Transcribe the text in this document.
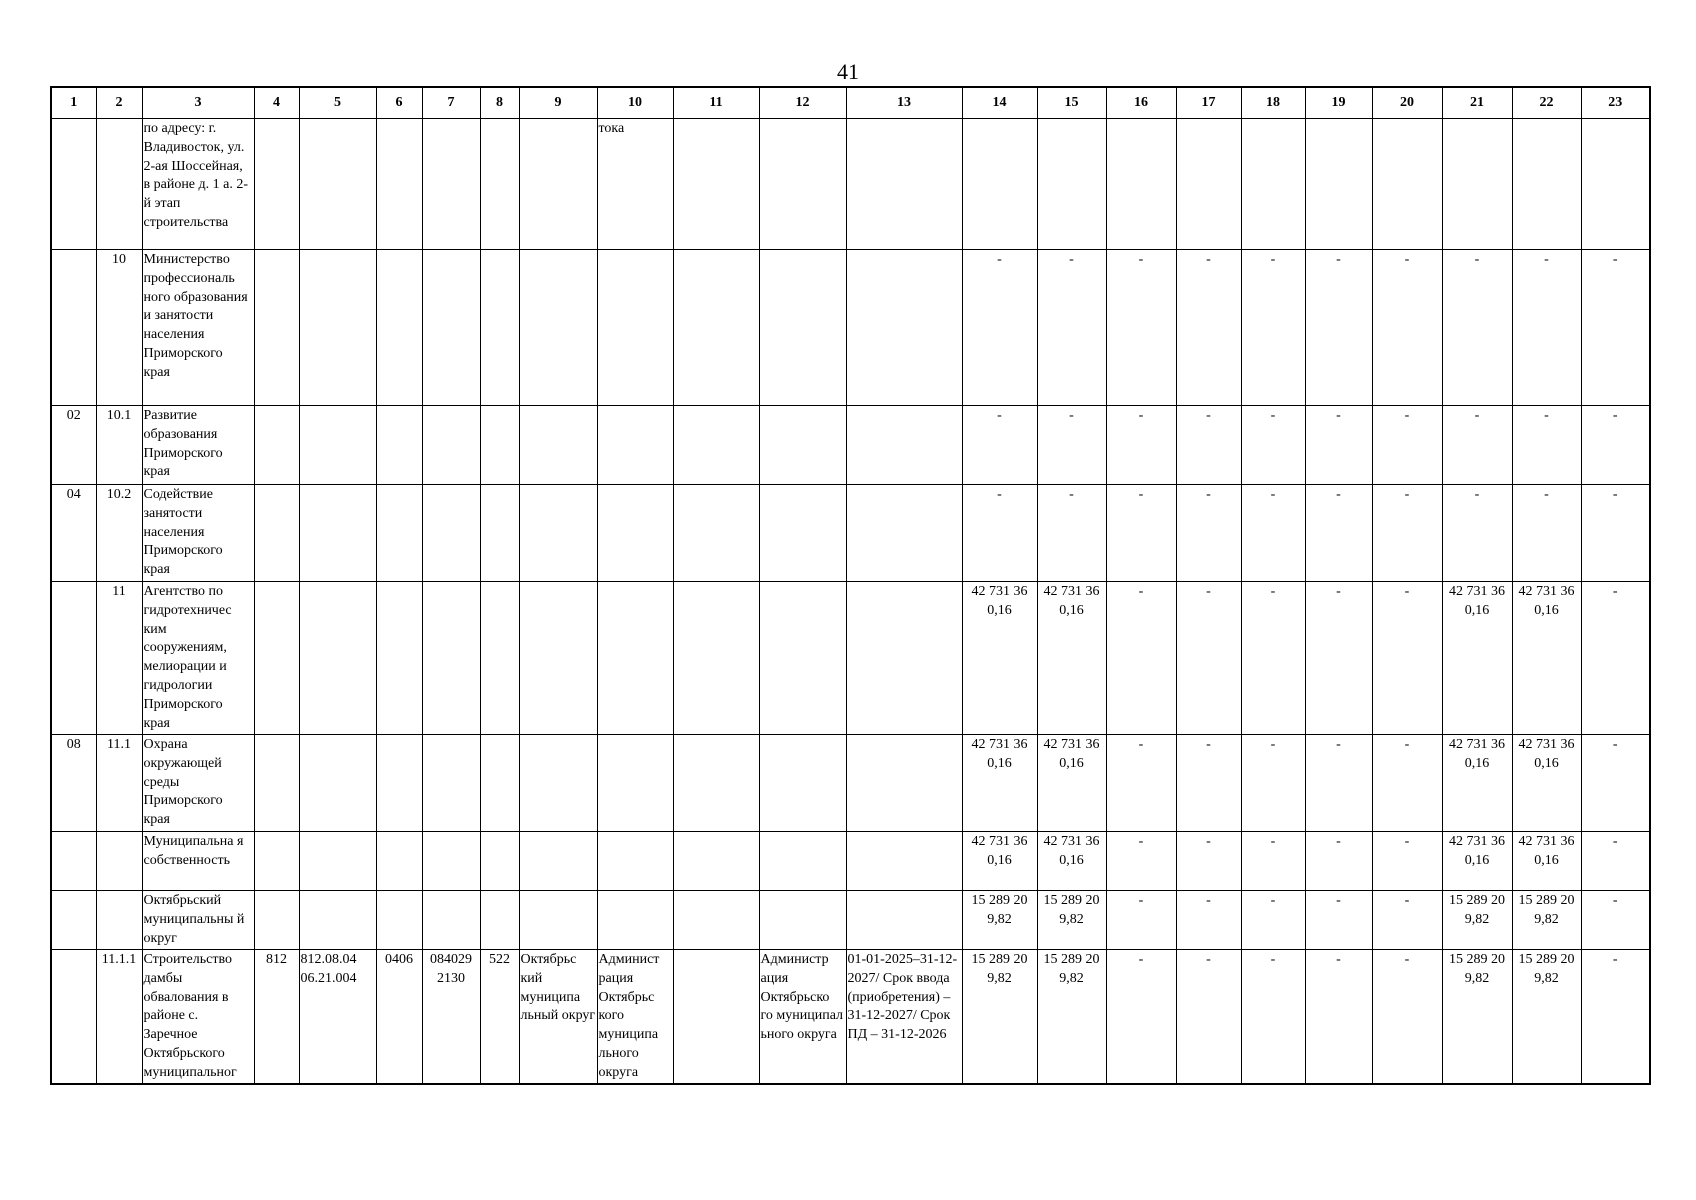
41
1	2	3	4	5	6	7	8	9	10	11	12	13	14	15	16	17	18	19	20	21	22	23
		по адресу: г. Владивосток, ул. 2-ая Шоссейная, в районе д. 1 а. 2-й этап строительства							тока													
	10	Министерство профессиональ ного образования и занятости населения Приморского края											-	-	-	-	-	-	-	-	-	-
02	10.1	Развитие образования Приморского края											-	-	-	-	-	-	-	-	-	-
04	10.2	Содействие занятости населения Приморского края											-	-	-	-	-	-	-	-	-	-
	11	Агентство по гидротехничес ким сооружениям, мелиорации и гидрологии Приморского края											42 731 36 0,16	42 731 36 0,16	-	-	-	-	-	42 731 36 0,16	42 731 36 0,16	-
08	11.1	Охрана окружающей среды Приморского края											42 731 36 0,16	42 731 36 0,16	-	-	-	-	-	42 731 36 0,16	42 731 36 0,16	-
		Муниципальна я собственность											42 731 36 0,16	42 731 36 0,16	-	-	-	-	-	42 731 36 0,16	42 731 36 0,16	-
		Октябрьский муниципальны й округ											15 289 20 9,82	15 289 20 9,82	-	-	-	-	-	15 289 20 9,82	15 289 20 9,82	-
	11.1.1	Строительство дамбы обвалования в районе с. Заречное Октябрьского муниципальног	812	812.08.04 06.21.004	0406	084029 2130	522	Октябрьс кий муниципа льный округ	Админист рация Октябрьс кого муниципа льного округа		Администр ация Октябрьско го муниципал ьного округа	01-01-2025–31-12-2027/ Срок ввода (приобретения) – 31-12-2027/ Срок ПД – 31-12-2026	15 289 20 9,82	15 289 20 9,82	-	-	-	-	-	15 289 20 9,82	15 289 20 9,82	-
